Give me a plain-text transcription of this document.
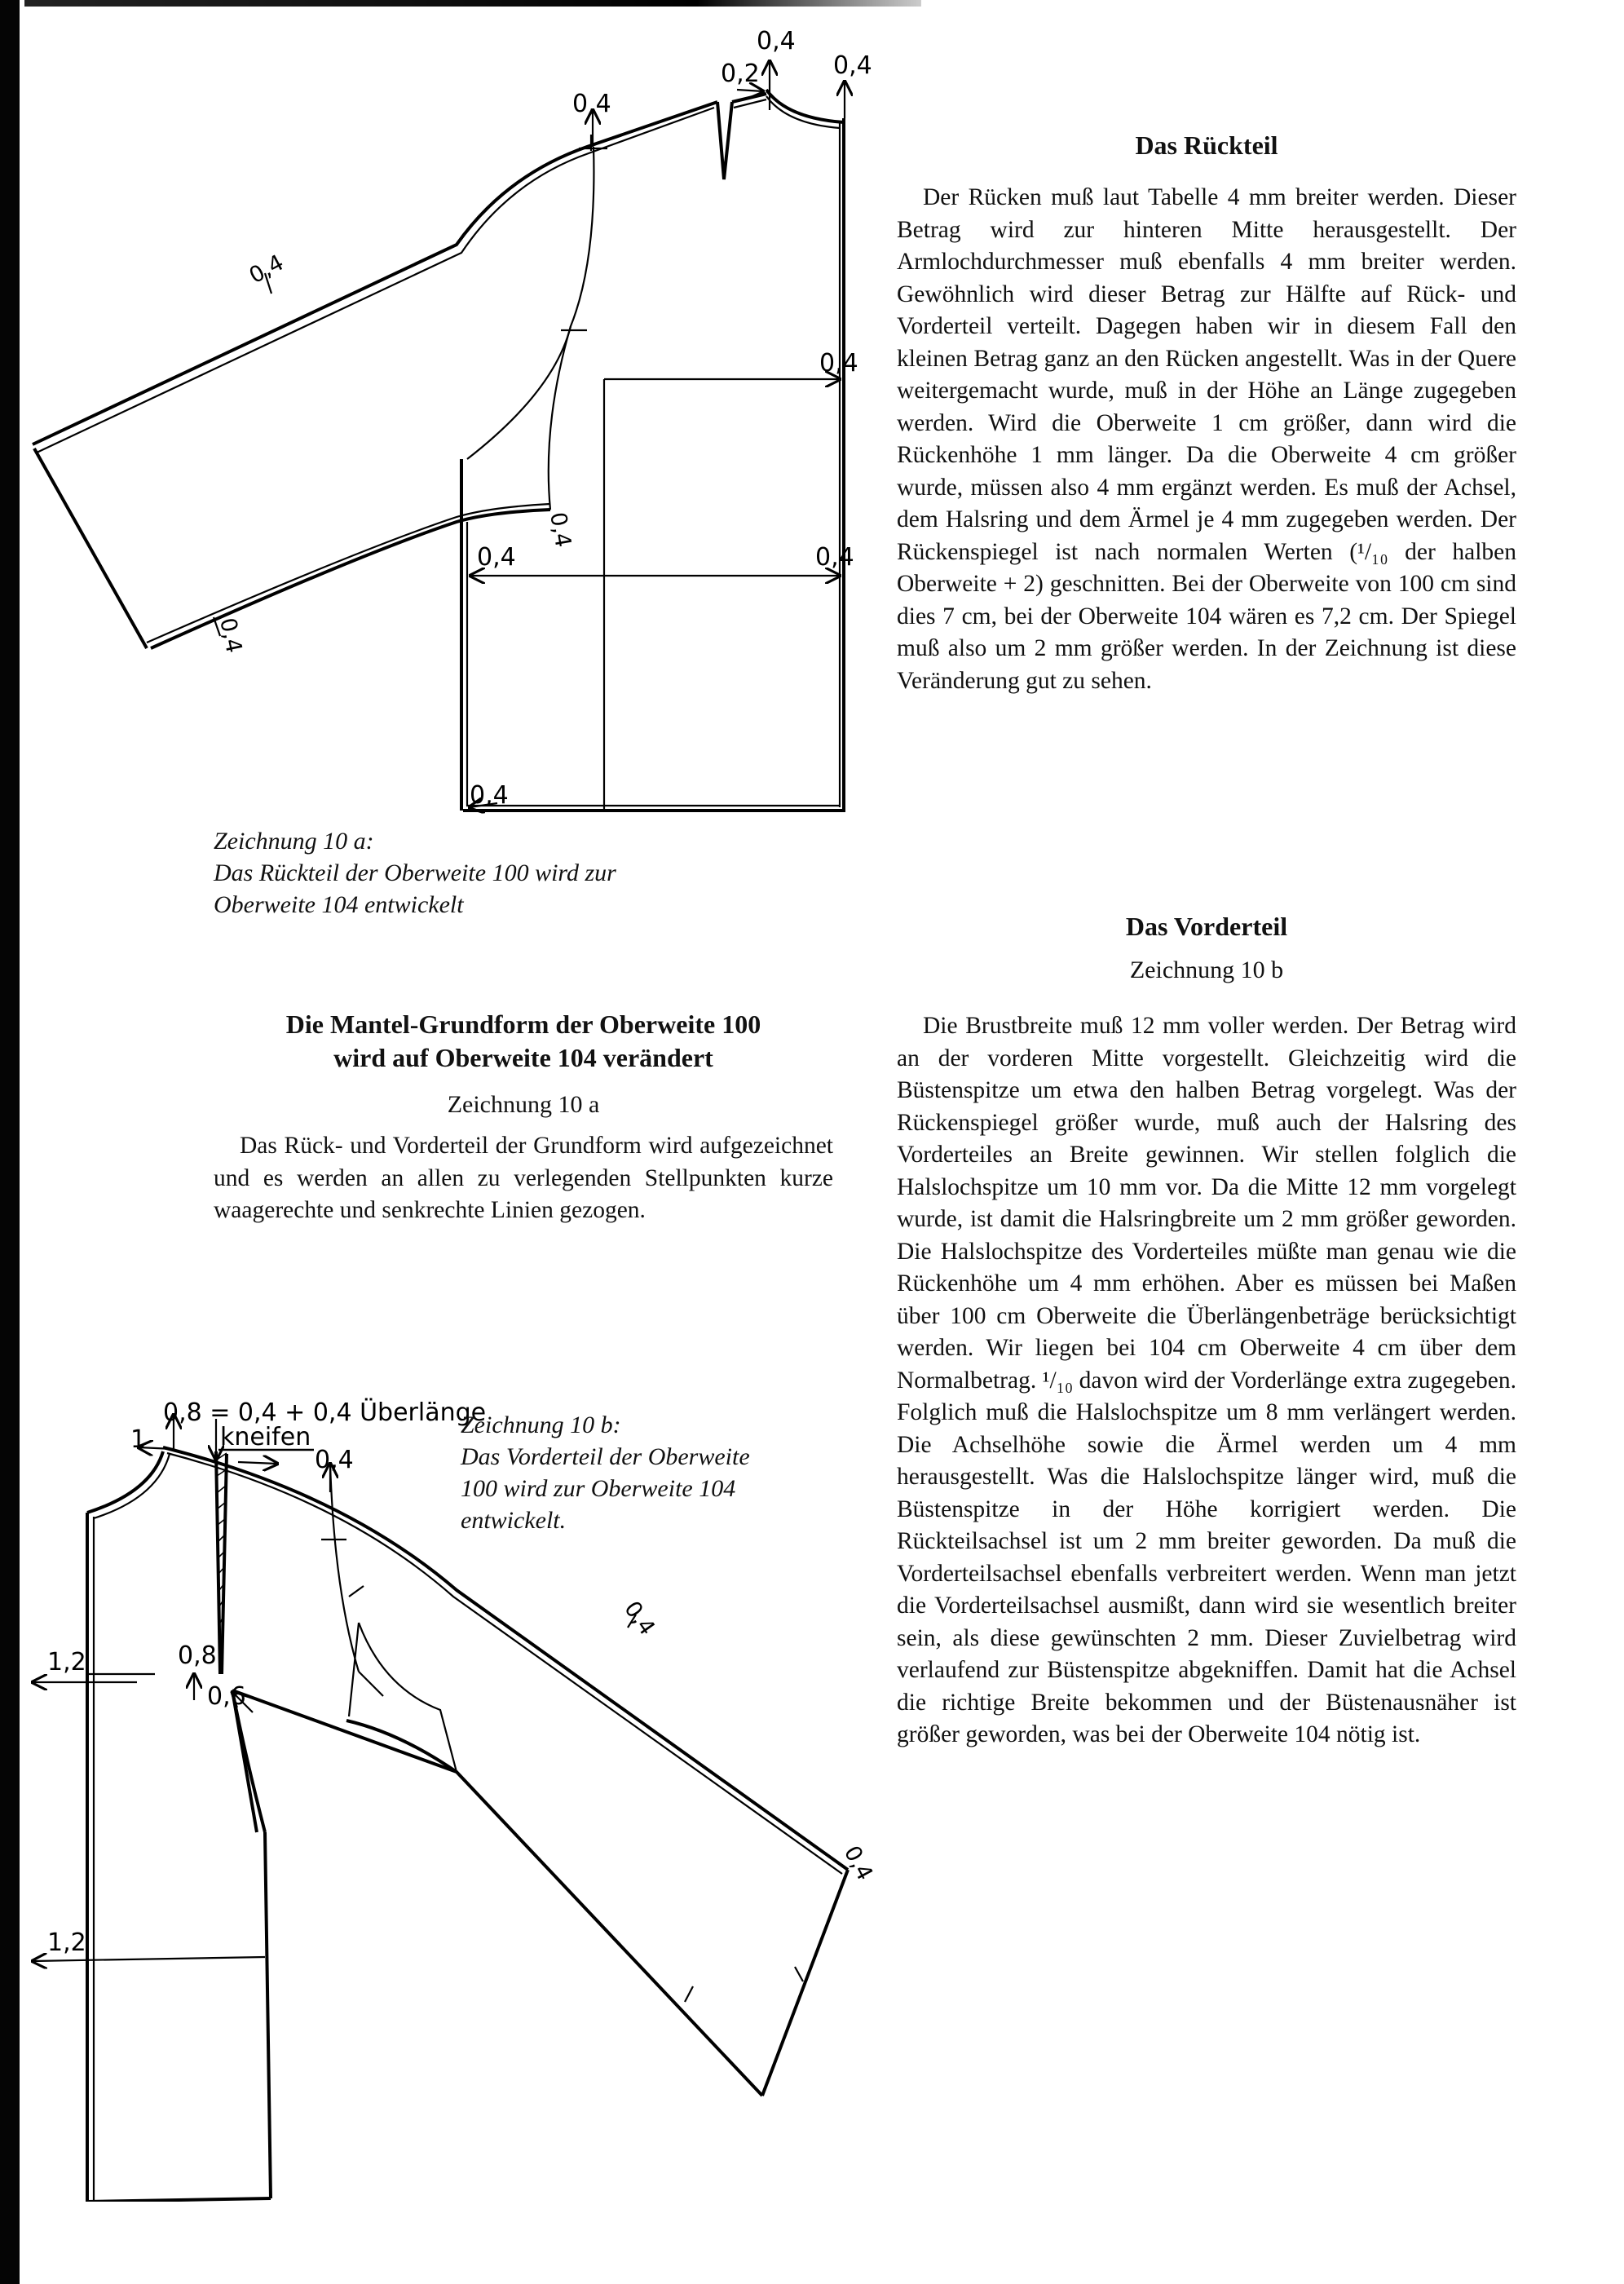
0,4
0,2
0,4
0,4
0,4
0,4
0,4
0,4	0,4
0,4
0,4
Zeichnung 10 a:
Das Rückteil der Oberweite 100 wird zur
Oberweite 104 entwickelt
Die Mantel-Grundform der Oberweite 100
wird auf Oberweite 104 verändert
Zeichnung 10 a

Das Rück- und Vorderteil der Grundform wird aufgezeichnet und es werden an allen zu verlegenden Stellpunkten kurze waagerechte und senkrechte Linien gezogen.

0,8 = 0,4 + 0,4 Überlänge
kneifen
1
0,4
0,4
0,4
1,2	0,8
0,6
1,2
Zeichnung 10 b:
Das Vorderteil der Oberweite
100 wird zur Oberweite 104
entwickelt.
Das Rückteil

Der Rücken muß laut Tabelle 4 mm breiter werden. Dieser Betrag wird zur hinteren Mitte herausgestellt. Der Armlochdurchmesser muß ebenfalls 4 mm breiter werden. Gewöhnlich wird dieser Betrag zur Hälfte auf Rück- und Vorderteil verteilt. Dagegen haben wir in diesem Fall den kleinen Betrag ganz an den Rücken angestellt. Was in der Quere weitergemacht wurde, muß in der Höhe an Länge zugegeben werden. Wird die Oberweite 1 cm größer, dann wird die Rückenhöhe 1 mm länger. Da die Oberweite 4 cm größer wurde, müssen also 4 mm ergänzt werden. Es muß der Achsel, dem Halsring und dem Ärmel je 4 mm zugegeben werden. Der Rückenspiegel ist nach normalen Werten (¹/₁₀ der halben Oberweite + 2) geschnitten. Bei der Oberweite von 100 cm sind dies 7 cm, bei der Oberweite 104 wären es 7,2 cm. Der Spiegel muß also um 2 mm größer werden. In der Zeichnung ist diese Veränderung gut zu sehen.

Das Vorderteil
Zeichnung 10 b

Die Brustbreite muß 12 mm voller werden. Der Betrag wird an der vorderen Mitte vorgestellt. Gleichzeitig wird die Büstenspitze um etwa den halben Betrag vorgelegt. Was der Rückenspiegel größer wurde, muß auch der Halsring des Vorderteiles an Breite gewinnen. Wir stellen folglich die Halslochspitze um 10 mm vor. Da die Mitte 12 mm vorgelegt wurde, ist damit die Halsringbreite um 2 mm größer geworden. Die Halslochspitze des Vorderteiles müßte man genau wie die Rückenhöhe um 4 mm erhöhen. Aber es müssen bei Maßen über 100 cm Oberweite die Überlängenbeträge berücksichtigt werden. Wir liegen bei 104 cm Oberweite 4 cm über dem Normalbetrag. ¹/₁₀ davon wird der Vorderlänge extra zugegeben. Folglich muß die Halslochspitze um 8 mm verlängert werden. Die Achselhöhe sowie die Ärmel werden um 4 mm herausgestellt. Was die Halslochspitze länger wird, muß die Büstenspitze in der Höhe korrigiert werden. Die Rückteilsachsel ist um 2 mm breiter geworden. Da muß die Vorderteilsachsel ebenfalls verbreitert werden. Wenn man jetzt die Vorderteilsachsel ausmißt, dann wird sie wesentlich breiter sein, als diese gewünschten 2 mm. Dieser Zuvielbetrag wird verlaufend zur Büstenspitze abgekniffen. Damit hat die Achsel die richtige Breite bekommen und der Büstenausnäher ist größer geworden, was bei der Oberweite 104 nötig ist.
